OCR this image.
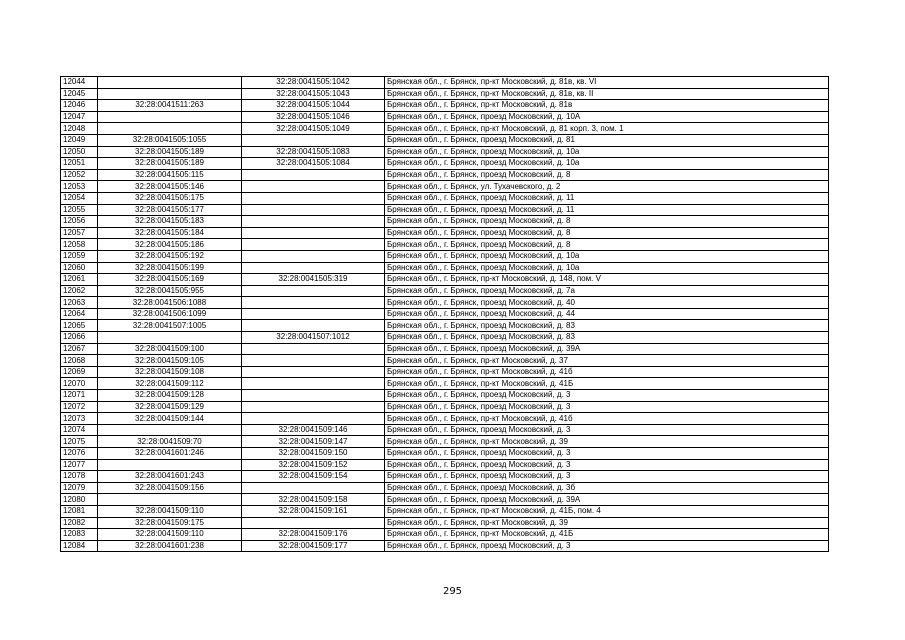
12044		32:28:0041505:1042	Брянская обл., г. Брянск, пр-кт Московский, д. 81в, кв. VI
12045		32:28:0041505:1043	Брянская обл., г. Брянск, пр-кт Московский, д. 81в, кв. II
12046	32:28:0041511:263	32:28:0041505:1044	Брянская обл., г. Брянск, пр-кт Московский, д. 81в
12047		32:28:0041505:1046	Брянская обл., г. Брянск, проезд Московский, д. 10А
12048		32:28:0041505:1049	Брянская обл., г. Брянск, пр-кт Московский, д. 81 корп. 3, пом. 1
12049	32:28:0041505:1055		Брянская обл., г. Брянск, проезд Московский, д. 81
12050	32:28:0041505:189	32:28:0041505:1083	Брянская обл., г. Брянск, проезд Московский, д. 10а
12051	32:28:0041505:189	32:28:0041505:1084	Брянская обл., г. Брянск, проезд Московский, д. 10а
12052	32:28:0041505:115		Брянская обл., г. Брянск, проезд Московский, д. 8
12053	32:28:0041505:146		Брянская обл., г. Брянск, ул. Тухачевского, д. 2
12054	32:28:0041505:175		Брянская обл., г. Брянск, проезд Московский, д. 11
12055	32:28:0041505:177		Брянская обл., г. Брянск, проезд Московский, д. 11
12056	32:28:0041505:183		Брянская обл., г. Брянск, проезд Московский, д. 8
12057	32:28:0041505:184		Брянская обл., г. Брянск, проезд Московский, д. 8
12058	32:28:0041505:186		Брянская обл., г. Брянск, проезд Московский, д. 8
12059	32:28:0041505:192		Брянская обл., г. Брянск, проезд Московский, д. 10а
12060	32:28:0041505:199		Брянская обл., г. Брянск, проезд Московский, д. 10а
12061	32:28:0041505:169	32:28:0041505:319	Брянская обл., г. Брянск, пр-кт Московский, д. 148, пом. V
12062	32:28:0041505:955		Брянская обл., г. Брянск, проезд Московский, д. 7а
12063	32:28:0041506:1088		Брянская обл., г. Брянск, проезд Московский, д. 40
12064	32:28:0041506:1099		Брянская обл., г. Брянск, проезд Московский, д. 44
12065	32:28:0041507:1005		Брянская обл., г. Брянск, проезд Московский, д. 83
12066		32:28:0041507:1012	Брянская обл., г. Брянск, проезд Московский, д. 83
12067	32:28:0041509:100		Брянская обл., г. Брянск, проезд Московский, д. 39А
12068	32:28:0041509:105		Брянская обл., г. Брянск, пр-кт Московский, д. 37
12069	32:28:0041509:108		Брянская обл., г. Брянск, пр-кт Московский, д. 41б
12070	32:28:0041509:112		Брянская обл., г. Брянск, пр-кт Московский, д. 41Б
12071	32:28:0041509:128		Брянская обл., г. Брянск, проезд Московский, д. 3
12072	32:28:0041509:129		Брянская обл., г. Брянск, проезд Московский, д. 3
12073	32:28:0041509:144		Брянская обл., г. Брянск, пр-кт Московский, д. 41б
12074		32:28:0041509:146	Брянская обл., г. Брянск, проезд Московский, д. 3
12075	32:28:0041509:70	32:28:0041509:147	Брянская обл., г. Брянск, пр-кт Московский, д. 39
12076	32:28:0041601:246	32:28:0041509:150	Брянская обл., г. Брянск, проезд Московский, д. 3
12077		32:28:0041509:152	Брянская обл., г. Брянск, проезд Московский, д. 3
12078	32:28:0041601:243	32:28:0041509:154	Брянская обл., г. Брянск, проезд Московский, д. 3
12079	32:28:0041509:156		Брянская обл., г. Брянск, проезд Московский, д. 3б
12080		32:28:0041509:158	Брянская обл., г. Брянск, проезд Московский, д. 39А
12081	32:28:0041509:110	32:28:0041509:161	Брянская обл., г. Брянск, пр-кт Московский, д. 41Б, пом. 4
12082	32:28:0041509:175		Брянская обл., г. Брянск, пр-кт Московский, д. 39
12083	32:28:0041509:110	32:28:0041509:176	Брянская обл., г. Брянск, пр-кт Московский, д. 41Б
12084	32:28:0041601:238	32:28:0041509:177	Брянская обл., г. Брянск, проезд Московский, д. 3
295
